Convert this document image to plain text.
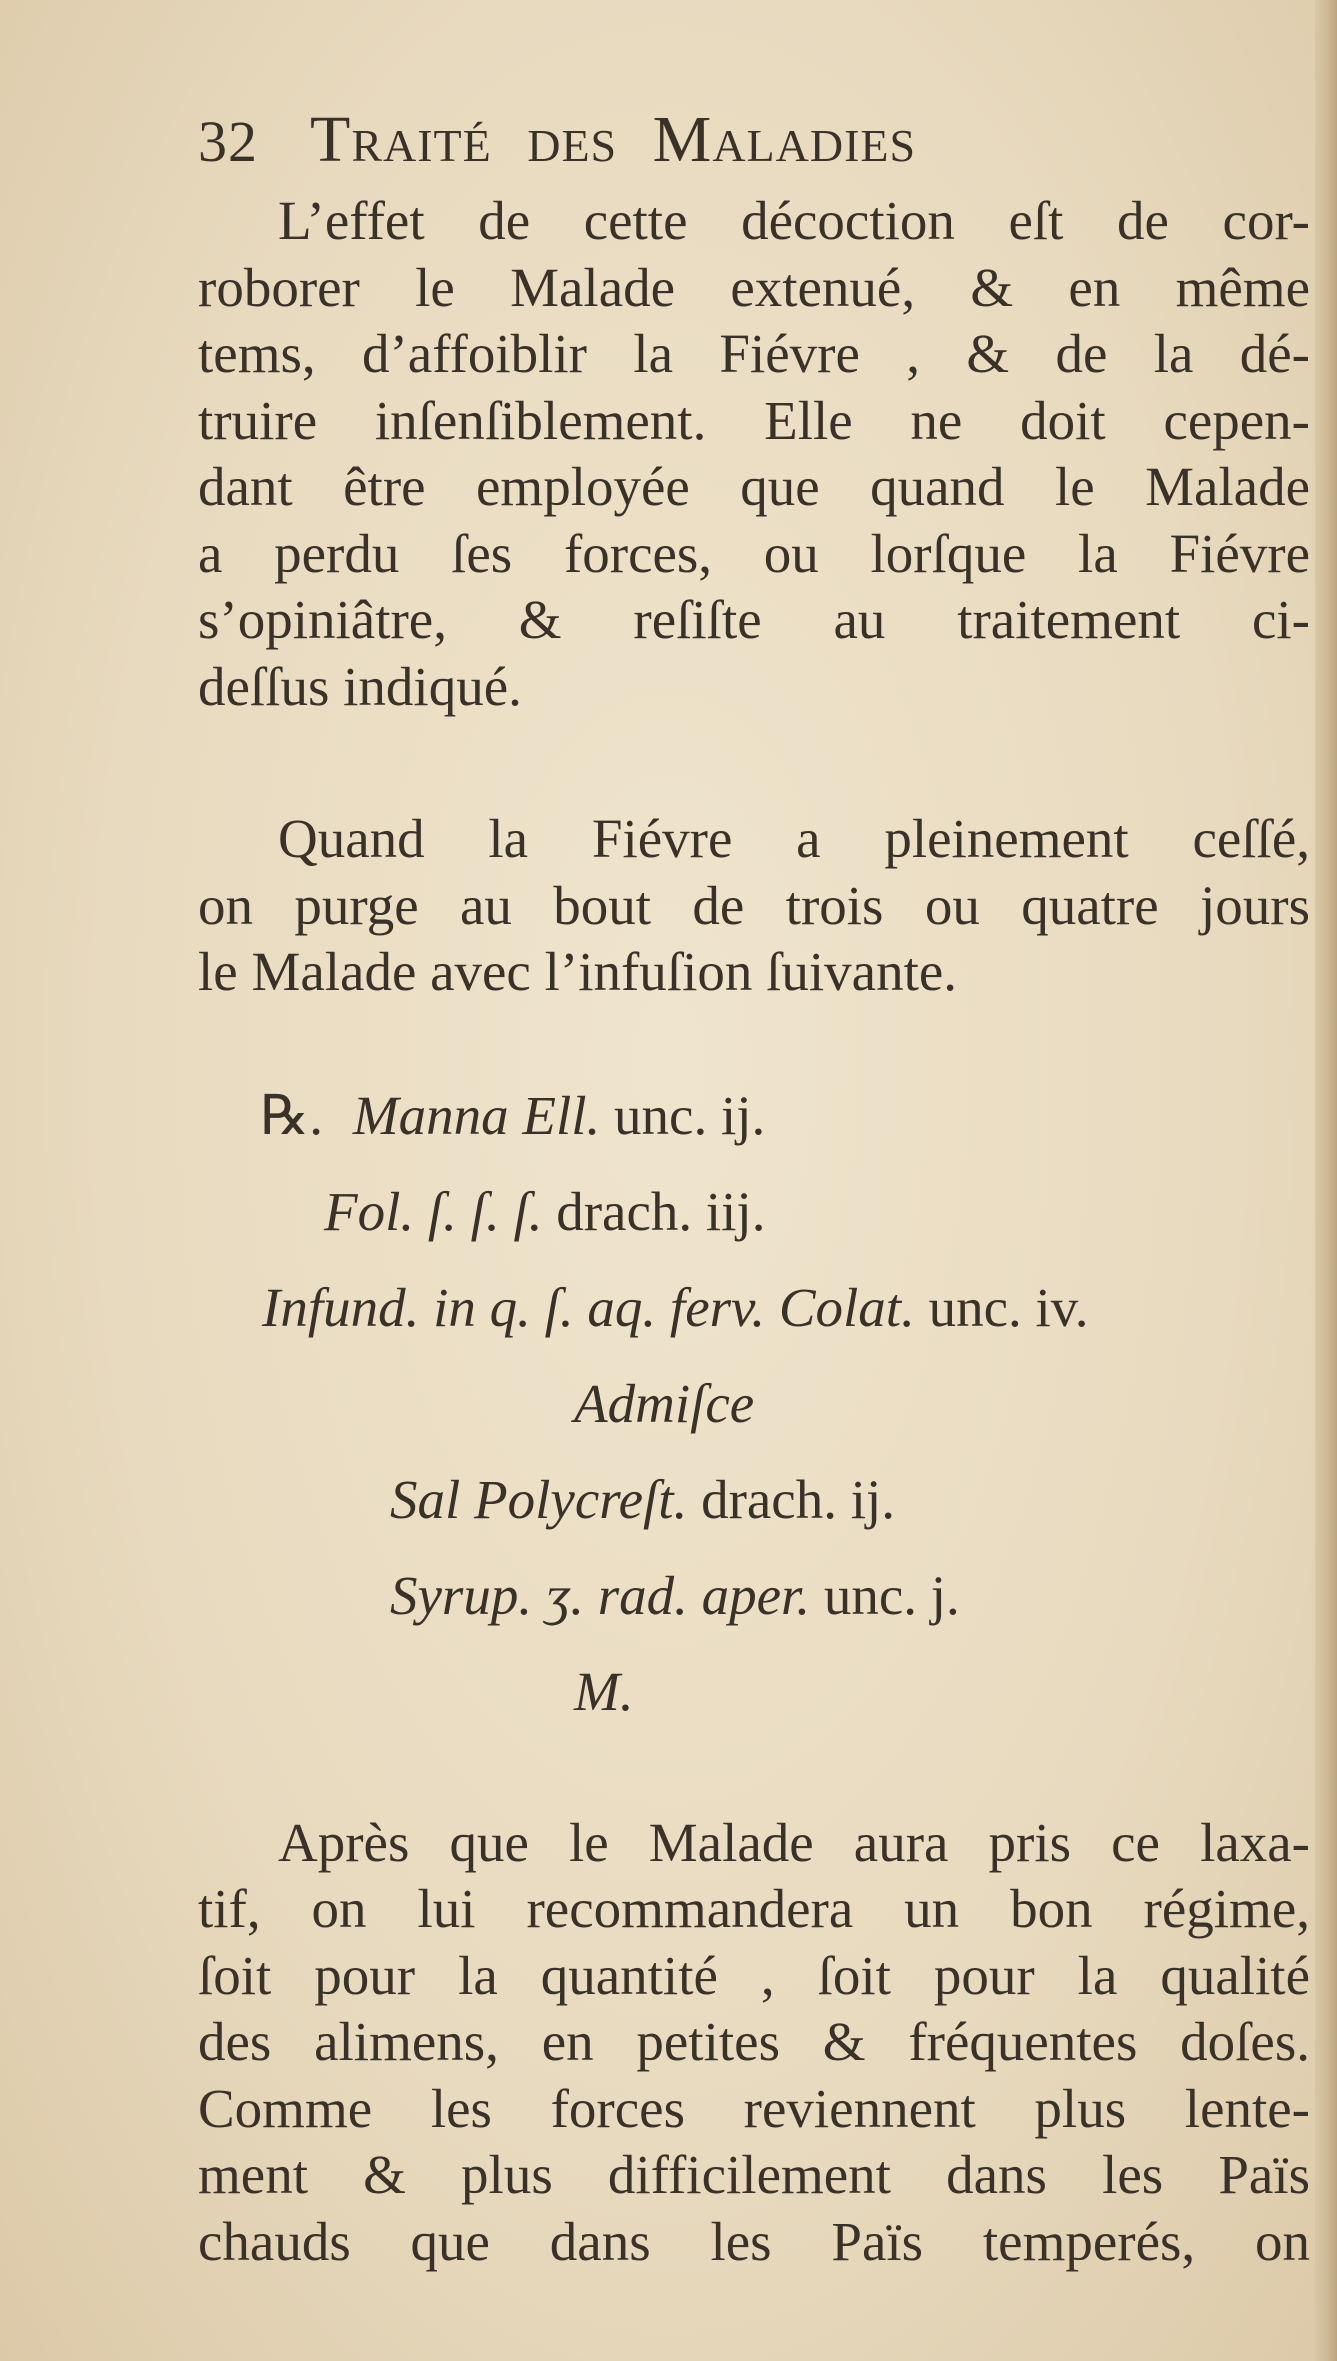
32 Traité des Maladies

L’effet de cette décoction eſt de cor-
roborer le Malade extenué, & en même
tems, d’affoiblir la Fiévre , & de la dé-
truire inſenſiblement. Elle ne doit cepen-
dant être employée que quand le Malade
a perdu ſes forces, ou lorſque la Fiévre
s’opiniâtre, & reſiſte au traitement ci-
deſſus indiqué.

Quand la Fiévre a pleinement ceſſé,
on purge au bout de trois ou quatre jours
le Malade avec l’infuſion ſuivante.

℞. Manna Ell. unc. ij.
Fol. ſ. ſ. ſ. drach. iij.
Infund. in q. ſ. aq. ferv. Colat. unc. iv.
Admiſce
Sal Polycreſt. drach. ij.
Syrup. ʒ. rad. aper. unc. j.
M.

Après que le Malade aura pris ce laxa-
tif, on lui recommandera un bon régime,
ſoit pour la quantité , ſoit pour la qualité
des alimens, en petites & fréquentes doſes.
Comme les forces reviennent plus lente-
ment & plus difficilement dans les Païs
chauds que dans les Païs temperés, on
